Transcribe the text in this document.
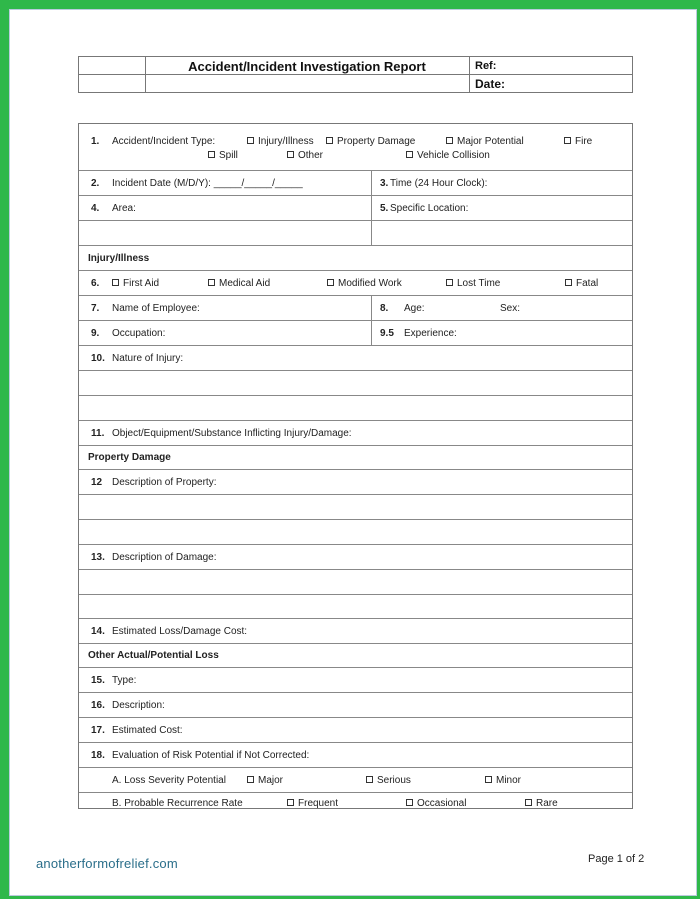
Accident/Incident Investigation Report	Ref:
Date:
1. Accident/Incident Type:	Injury/Illness	Property Damage	Major Potential	Fire
Spill	Other	Vehicle Collision
2. Incident Date (M/D/Y): _____/_____/_____	3. Time (24 Hour Clock):
4. Area:	5. Specific Location:
Injury/Illness
6.	First Aid	Medical Aid	Modified Work	Lost Time	Fatal
7. Name of Employee:	8. Age:	Sex:
9. Occupation:	9.5 Experience:
10. Nature of Injury:
11. Object/Equipment/Substance Inflicting Injury/Damage:
Property Damage
12 Description of Property:
13. Description of Damage:
14. Estimated Loss/Damage Cost:
Other Actual/Potential Loss
15. Type:
16. Description:
17. Estimated Cost:
18. Evaluation of Risk Potential if Not Corrected:
A. Loss Severity Potential	Major	Serious	Minor
B. Probable Recurrence Rate	Frequent	Occasional	Rare
anotherformofrelief.com	Page 1 of 2
